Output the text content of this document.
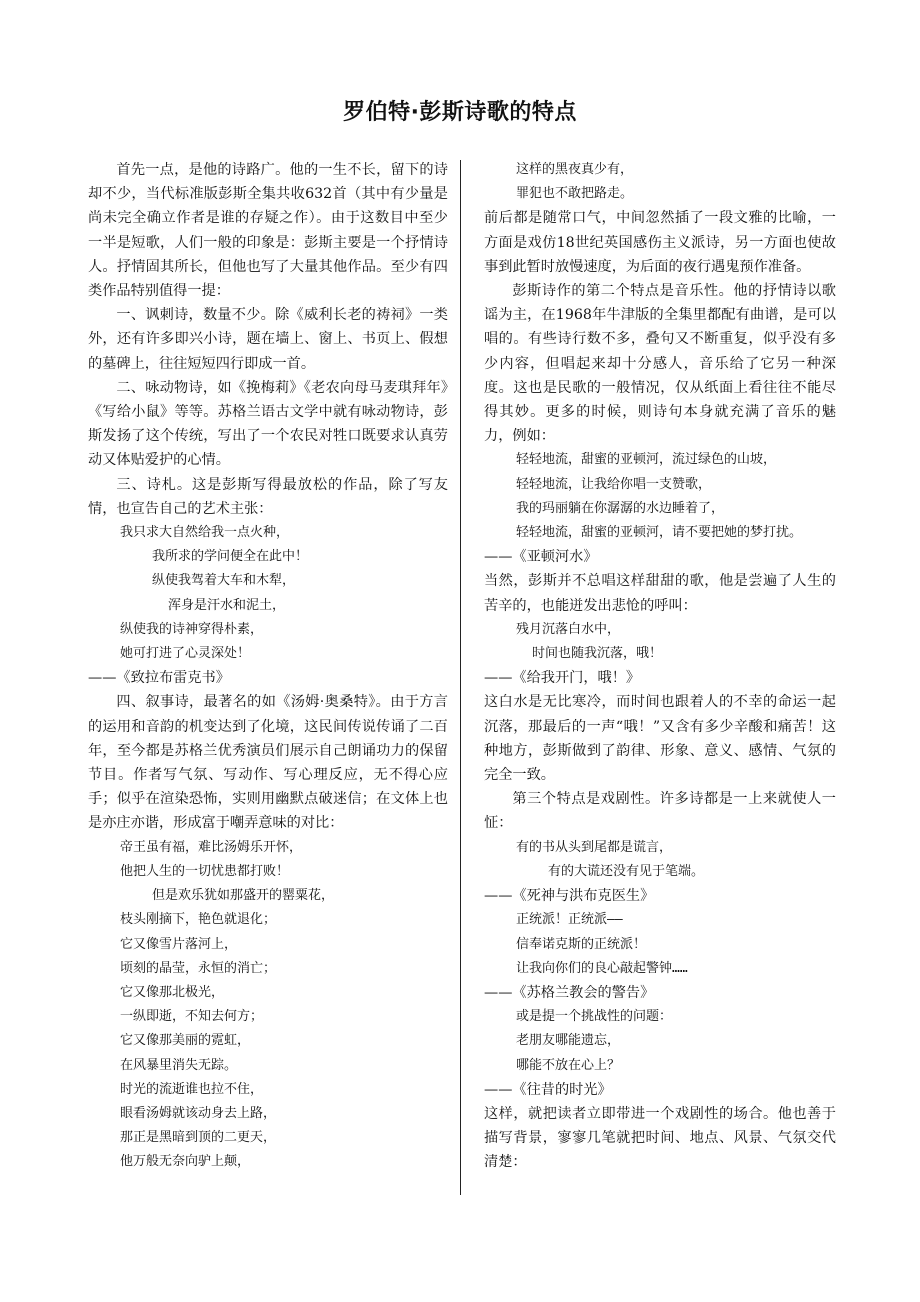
罗伯特·彭斯诗歌的特点

首先一点，是他的诗路广。他的一生不长，留下的诗却不少，当代标准版彭斯全集共收632首（其中有少量是尚未完全确立作者是谁的存疑之作）。由于这数目中至少一半是短歌，人们一般的印象是：彭斯主要是一个抒情诗人。抒情固其所长，但他也写了大量其他作品。至少有四类作品特别值得一提：

一、讽刺诗，数量不少。除《威利长老的祷祠》一类外，还有许多即兴小诗，题在墙上、窗上、书页上、假想的墓碑上，往往短短四行即成一首。

二、咏动物诗，如《挽梅莉》《老农向母马麦琪拜年》《写给小鼠》等等。苏格兰语古文学中就有咏动物诗，彭斯发扬了这个传统，写出了一个农民对牲口既要求认真劳动又体贴爱护的心情。

三、诗札。这是彭斯写得最放松的作品，除了写友情，也宣告自己的艺术主张：

我只求大自然给我一点火种，
我所求的学问便全在此中！
纵使我驾着大车和木犁，
浑身是汗水和泥土，
纵使我的诗神穿得朴素，
她可打进了心灵深处！

——《致拉布雷克书》

四、叙事诗，最著名的如《汤姆·奥桑特》。由于方言的运用和音韵的机变达到了化境，这民间传说传诵了二百年，至今都是苏格兰优秀演员们展示自己朗诵功力的保留节目。作者写气氛、写动作、写心理反应，无不得心应手；似乎在渲染恐怖，实则用幽默点破迷信；在文体上也是亦庄亦谐，形成富于嘲弄意味的对比：

帝王虽有福，难比汤姆乐开怀，
他把人生的一切忧患都打败！
但是欢乐犹如那盛开的罂粟花，
枝头刚摘下，艳色就退化；
它又像雪片落河上，
顷刻的晶莹，永恒的消亡；
它又像那北极光，
一纵即逝，不知去何方；
它又像那美丽的霓虹，
在风暴里消失无踪。
时光的流逝谁也拉不住，
眼看汤姆就该动身去上路，
那正是黑暗到顶的二更天，
他万般无奈向驴上颠，
这样的黑夜真少有，
罪犯也不敢把路走。

前后都是随常口气，中间忽然插了一段文雅的比喻，一方面是戏仿18世纪英国感伤主义派诗，另一方面也使故事到此暂时放慢速度，为后面的夜行遇鬼预作准备。

彭斯诗作的第二个特点是音乐性。他的抒情诗以歌谣为主，在1968年牛津版的全集里都配有曲谱，是可以唱的。有些诗行数不多，叠句又不断重复，似乎没有多少内容，但唱起来却十分感人，音乐给了它另一种深度。这也是民歌的一般情况，仅从纸面上看往往不能尽得其妙。更多的时候，则诗句本身就充满了音乐的魅力，例如：

轻轻地流，甜蜜的亚顿河，流过绿色的山坡，
轻轻地流，让我给你唱一支赞歌，
我的玛丽躺在你潺潺的水边睡着了，
轻轻地流，甜蜜的亚顿河，请不要把她的梦打扰。

——《亚顿河水》

当然，彭斯并不总唱这样甜甜的歌，他是尝遍了人生的苦辛的，也能迸发出悲怆的呼叫：

残月沉落白水中，
时间也随我沉落，哦！

——《给我开门，哦！》

这白水是无比寒冷，而时间也跟着人的不幸的命运一起沉落，那最后的一声“哦！”又含有多少辛酸和痛苦！这种地方，彭斯做到了韵律、形象、意义、感情、气氛的完全一致。

第三个特点是戏剧性。许多诗都是一上来就使人一怔：

有的书从头到尾都是谎言，
有的大谎还没有见于笔端。

——《死神与洪布克医生》

正统派！正统派——
信奉诺克斯的正统派！
让我向你们的良心敲起警钟……

——《苏格兰教会的警告》

或是提一个挑战性的问题：
老朋友哪能遗忘，
哪能不放在心上？

——《往昔的时光》

这样，就把读者立即带进一个戏剧性的场合。他也善于描写背景，寥寥几笔就把时间、地点、风景、气氛交代清楚：
